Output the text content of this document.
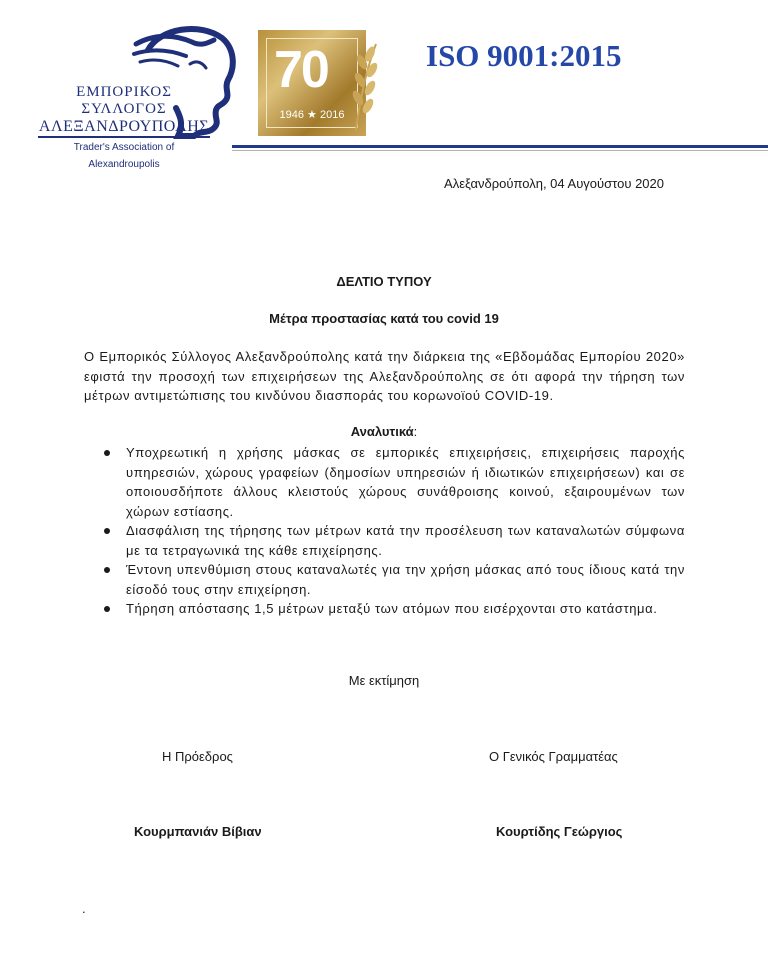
ΕΜΠΟΡΙΚΟΣ
ΣΥΛΛΟΓΟΣ
ΑΛΕΞΑΝΔΡΟΥΠΟΛΗΣ
Trader's Association of Alexandroupolis
70
1946 ★ 2016
ISO 9001:2015
Αλεξανδρούπολη, 04 Αυγούστου 2020
ΔΕΛΤΙΟ ΤΥΠΟΥ
Μέτρα προστασίας κατά του covid 19
Ο Εμπορικός Σύλλογος Αλεξανδρούπολης κατά την διάρκεια της «Εβδομάδας Εμπορίου 2020» εφιστά την προσοχή των επιχειρήσεων της Αλεξανδρούπολης σε ότι αφορά την τήρηση των μέτρων αντιμετώπισης του κινδύνου διασποράς του κορωνοϊού COVID-19.
Αναλυτικά:
Υποχρεωτική η χρήσης μάσκας σε εμπορικές επιχειρήσεις, επιχειρήσεις παροχής υπηρεσιών, χώρους γραφείων (δημοσίων υπηρεσιών ή ιδιωτικών επιχειρήσεων) και σε οποιουσδήποτε άλλους κλειστούς χώρους συνάθροισης κοινού, εξαιρουμένων των χώρων εστίασης.
Διασφάλιση της τήρησης των μέτρων κατά την προσέλευση των καταναλωτών σύμφωνα με τα τετραγωνικά της κάθε επιχείρησης.
Έντονη υπενθύμιση στους καταναλωτές για την χρήση μάσκας από τους ίδιους κατά την είσοδό τους στην επιχείρηση.
Τήρηση απόστασης 1,5 μέτρων μεταξύ των ατόμων που εισέρχονται στο κατάστημα.
Με εκτίμηση
Η Πρόεδρος	Ο Γενικός Γραμματέας
Κουρμπανιάν Βίβιαν	Κουρτίδης Γεώργιος
.
